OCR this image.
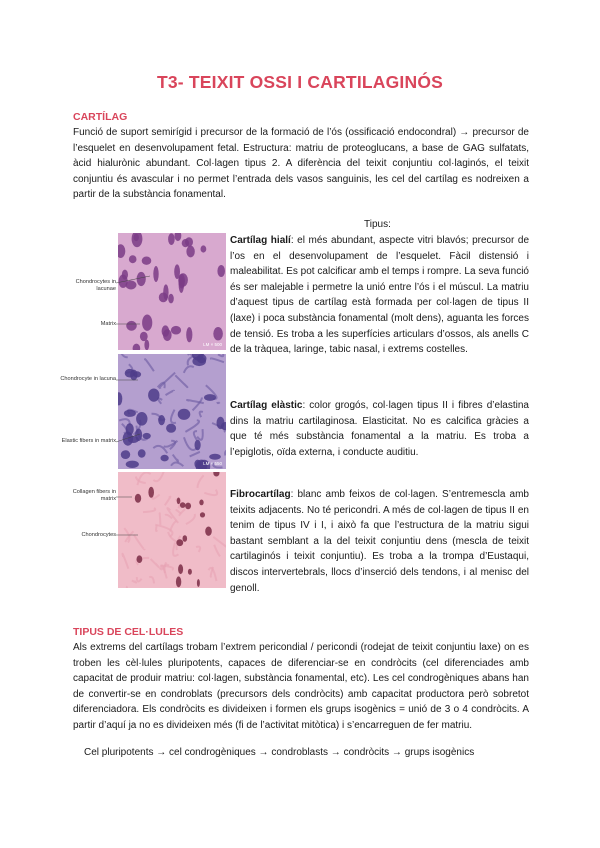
T3- TEIXIT OSSI I CARTILAGINÓS
CARTÍLAG
Funció de suport semirígid i precursor de la formació de l’ós (ossificació endocondral) → precursor de l’esquelet en desenvolupament fetal. Estructura: matriu de proteoglucans, a base de GAG sulfatats, àcid hialurònic abundant. Col·lagen tipus 2. A diferència del teixit conjuntiu col·laginós, el teixit conjuntiu és avascular i no permet l’entrada dels vasos sanguinis, les cel del cartílag es nodreixen a partir de la substància fonamental.
Tipus:
LM × 500
Chondrocytes in lacunae
Matrix
LM × 550
Chondrocyte in lacuna
Elastic fibers in matrix
Collagen fibers in matrix
Chondrocytes
Cartílag hialí: el més abundant, aspecte vitri blavós; precursor de l’os en el desenvolupament de l’esquelet. Fàcil distensió i maleabilitat. Es pot calcificar amb el temps i rompre. La seva funció és ser malejable i permetre la unió entre l’ós i el múscul. La matriu d’aquest tipus de cartílag està formada per col·lagen de tipus II (laxe) i poca substància fonamental (molt dens), aguanta les forces de tensió. Es troba a les superfícies articulars d’ossos, als anells C de la tràquea, laringe, tabic nasal, i extrems costelles.
Cartílag elàstic: color grogós, col·lagen tipus II i fibres d’elastina dins la matriu cartilaginosa. Elasticitat. No es calcifica gràcies a que té més substància fonamental a la matriu. Es troba a l’epiglotis, oïda externa, i conducte auditiu.
Fibrocartílag: blanc amb feixos de col·lagen. S’entremescla amb teixits adjacents. No té pericondri. A més de col·lagen de tipus II en tenim de tipus IV i I, i això fa que l’estructura de la matriu sigui bastant semblant a la del teixit conjuntiu dens (mescla de teixit cartilaginós i teixit conjuntiu). Es troba a la trompa d’Eustaqui, discos intervertebrals, llocs d’inserció dels tendons, i al menisc del genoll.
TIPUS DE CEL·LULES
Als extrems del cartílags trobam l’extrem pericondial / pericondi (rodejat de teixit conjuntiu laxe) on es troben les cèl·lules pluripotents, capaces de diferenciar-se en condròcits (cel diferenciades amb capacitat de produir matriu: col·lagen, substància fonamental, etc). Les cel condrogèniques abans han de convertir-se en condroblats (precursors dels condròcits) amb capacitat productora però sobretot diferenciadora. Els condròcits es divideixen i formen els grups isogènics = unió de 3 o 4 condròcits. A partir d’aquí ja no es divideixen més (fi de l’activitat mitòtica) i s’encarreguen de fer matriu.
Cel pluripotents → cel condrogèniques → condroblasts → condròcits → grups isogènics
